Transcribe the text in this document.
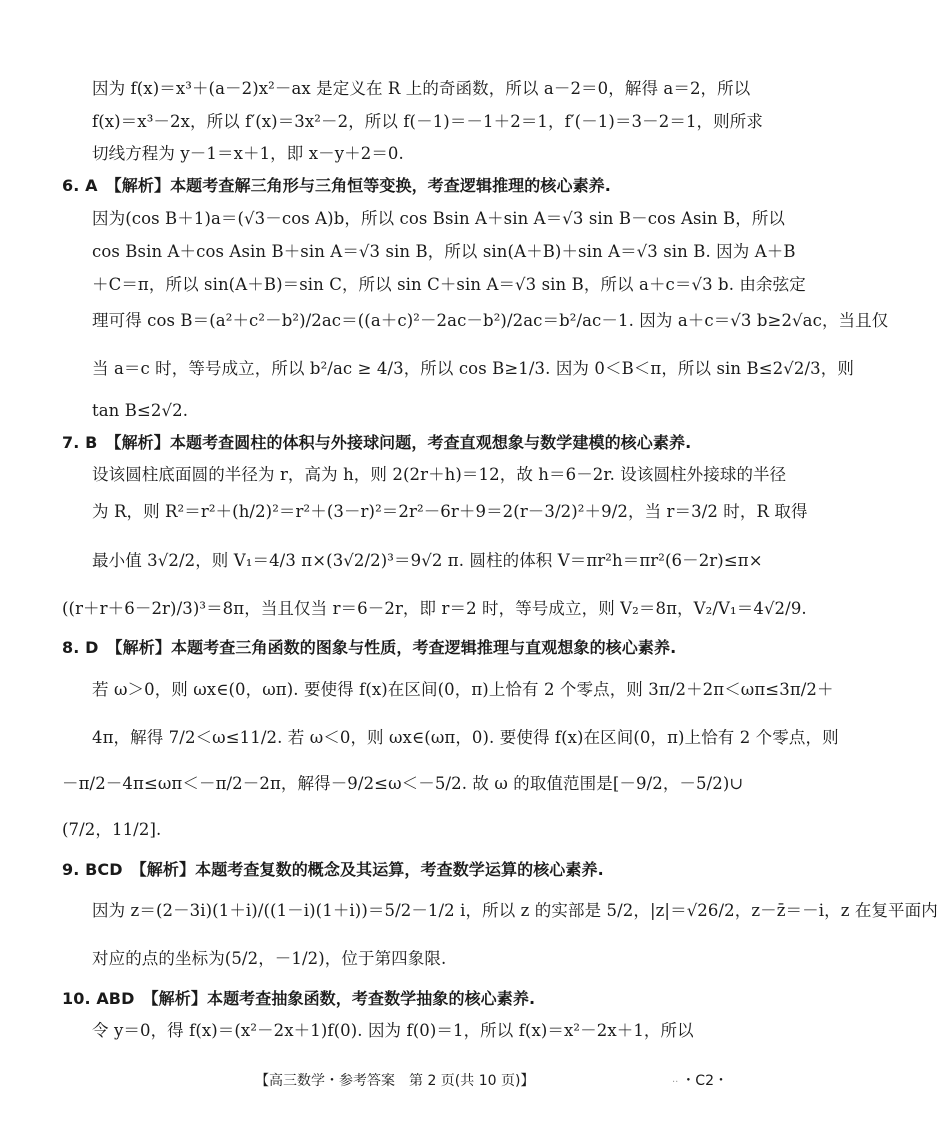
因为 f(x)＝x³＋(a－2)x²－ax 是定义在 R 上的奇函数，所以 a－2＝0，解得 a＝2，所以
f(x)＝x³－2x，所以 f′(x)＝3x²－2，所以 f(－1)＝－1＋2＝1，f′(－1)＝3－2＝1，则所求
切线方程为 y－1＝x＋1，即 x－y＋2＝0.
6. A　【解析】本题考查解三角形与三角恒等变换，考查逻辑推理的核心素养.
因为(cos B＋1)a＝(√3－cos A)b，所以 cos Bsin A＋sin A＝√3 sin B－cos Asin B，所以
cos Bsin A＋cos Asin B＋sin A＝√3 sin B，所以 sin(A＋B)＋sin A＝√3 sin B. 因为 A＋B
＋C＝π，所以 sin(A＋B)＝sin C，所以 sin C＋sin A＝√3 sin B，所以 a＋c＝√3 b. 由余弦定
理可得 cos B＝(a²＋c²－b²)/2ac＝((a＋c)²－2ac－b²)/2ac＝b²/ac－1. 因为 a＋c＝√3 b≥2√ac，当且仅
当 a＝c 时，等号成立，所以 b²/ac ≥ 4/3，所以 cos B≥1/3. 因为 0＜B＜π，所以 sin B≤2√2/3，则
tan B≤2√2.
7. B　【解析】本题考查圆柱的体积与外接球问题，考查直观想象与数学建模的核心素养.
设该圆柱底面圆的半径为 r，高为 h，则 2(2r＋h)＝12，故 h＝6－2r. 设该圆柱外接球的半径
为 R，则 R²＝r²＋(h/2)²＝r²＋(3－r)²＝2r²－6r＋9＝2(r－3/2)²＋9/2，当 r＝3/2 时，R 取得
最小值 3√2/2，则 V₁＝4/3 π×(3√2/2)³＝9√2 π. 圆柱的体积 V＝πr²h＝πr²(6－2r)≤π×
((r＋r＋6－2r)/3)³＝8π，当且仅当 r＝6－2r，即 r＝2 时，等号成立，则 V₂＝8π，V₂/V₁＝4√2/9.
8. D　【解析】本题考查三角函数的图象与性质，考查逻辑推理与直观想象的核心素养.
若 ω＞0，则 ωx∈(0，ωπ). 要使得 f(x)在区间(0，π)上恰有 2 个零点，则 3π/2＋2π＜ωπ≤3π/2＋
4π，解得 7/2＜ω≤11/2. 若 ω＜0，则 ωx∈(ωπ，0). 要使得 f(x)在区间(0，π)上恰有 2 个零点，则
－π/2－4π≤ωπ＜－π/2－2π，解得－9/2≤ω＜－5/2. 故 ω 的取值范围是[－9/2，－5/2)∪
(7/2，11/2].
9. BCD　【解析】本题考查复数的概念及其运算，考查数学运算的核心素养.
因为 z＝(2－3i)(1＋i)/((1－i)(1＋i))＝5/2－1/2 i，所以 z 的实部是 5/2，|z|＝√26/2，z－z̄＝－i，z 在复平面内
对应的点的坐标为(5/2，－1/2)，位于第四象限.
10. ABD　【解析】本题考查抽象函数，考查数学抽象的核心素养.
令 y＝0，得 f(x)＝(x²－2x＋1)f(0). 因为 f(0)＝1，所以 f(x)＝x²－2x＋1，所以
【高三数学・参考答案　第 2 页(共 10 页)】	.. ・C2・
